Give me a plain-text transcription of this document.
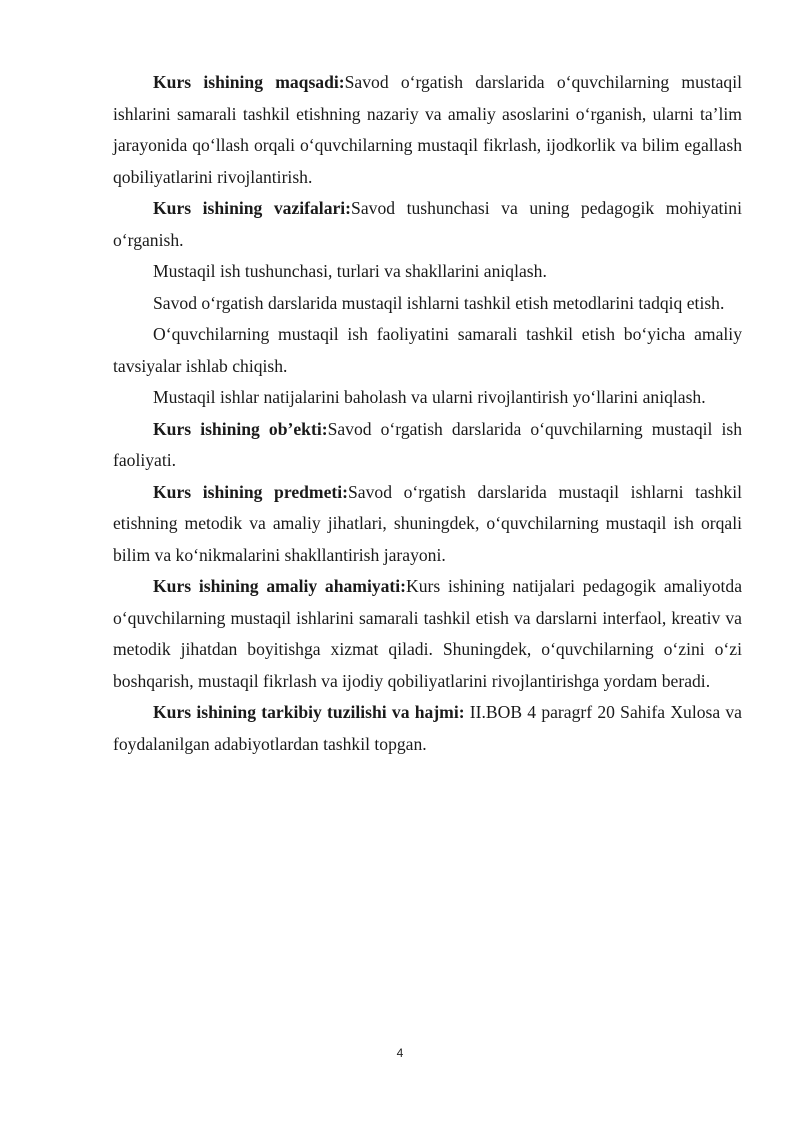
Kurs ishining maqsadi:Savod o‘rgatish darslarida o‘quvchilarning mustaqil ishlarini samarali tashkil etishning nazariy va amaliy asoslarini o‘rganish, ularni ta’lim jarayonida qo‘llash orqali o‘quvchilarning mustaqil fikrlash, ijodkorlik va bilim egallash qobiliyatlarini rivojlantirish.

Kurs ishining vazifalari:Savod tushunchasi va uning pedagogik mohiyatini o‘rganish.

Mustaqil ish tushunchasi, turlari va shakllarini aniqlash.

Savod o‘rgatish darslarida mustaqil ishlarni tashkil etish metodlarini tadqiq etish.

O‘quvchilarning mustaqil ish faoliyatini samarali tashkil etish bo‘yicha amaliy tavsiyalar ishlab chiqish.

Mustaqil ishlar natijalarini baholash va ularni rivojlantirish yo‘llarini aniqlash.

Kurs ishining ob’ekti:Savod o‘rgatish darslarida o‘quvchilarning mustaqil ish faoliyati.

Kurs ishining predmeti:Savod o‘rgatish darslarida mustaqil ishlarni tashkil etishning metodik va amaliy jihatlari, shuningdek, o‘quvchilarning mustaqil ish orqali bilim va ko‘nikmalarini shakllantirish jarayoni.

Kurs ishining amaliy ahamiyati:Kurs ishining natijalari pedagogik amaliyotda o‘quvchilarning mustaqil ishlarini samarali tashkil etish va darslarni interfaol, kreativ va metodik jihatdan boyitishga xizmat qiladi. Shuningdek, o‘quvchilarning o‘zini o‘zi boshqarish, mustaqil fikrlash va ijodiy qobiliyatlarini rivojlantirishga yordam beradi.

Kurs ishining tarkibiy tuzilishi va hajmi: II.BOB 4 paragrf 20 Sahifa Xulosa va foydalanilgan adabiyotlardan tashkil topgan.

4
